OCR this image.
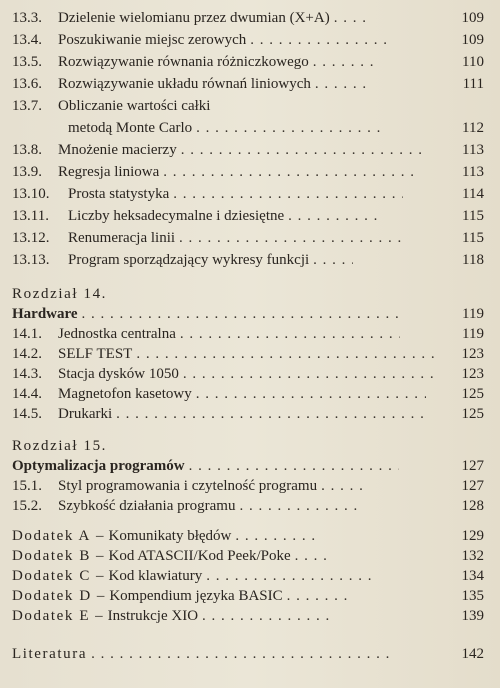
13.3.	Dzielenie wielomianu przez dwumian (X+A) . . .	109
13.4.	Poszukiwanie miejsc zerowych . . .	109
13.5.	Rozwiązywanie równania różniczkowego . . .	110
13.6.	Rozwiązywanie układu równań liniowych . . .	111
13.7.	Obliczanie wartości całki
metodą Monte Carlo . . .	112
13.8.	Mnożenie macierzy . . .	113
13.9.	Regresja liniowa . . .	113
13.10.	Prosta statystyka . . .	114
13.11.	Liczby heksadecymalne i dziesiętne . . .	115
13.12.	Renumeracja linii . . .	115
13.13.	Program sporządzający wykresy funkcji . . .	118
Rozdział 14.
Hardware . . .	119
14.1.	Jednostka centralna . . .	119
14.2.	SELF TEST . . .	123
14.3.	Stacja dysków 1050 . . .	123
14.4.	Magnetofon kasetowy . . .	125
14.5.	Drukarki . . .	125
Rozdział 15.
Optymalizacja programów . . .	127
15.1.	Styl programowania i czytelność programu . . .	127
15.2.	Szybkość działania programu . . .	128
Dodatek A – Komunikaty błędów . . .	129
Dodatek B – Kod ATASCII/Kod Peek/Poke . . .	132
Dodatek C – Kod klawiatury . . .	134
Dodatek D – Kompendium języka BASIC . . .	135
Dodatek E – Instrukcje XIO . . .	139
Literatura . . .	142
